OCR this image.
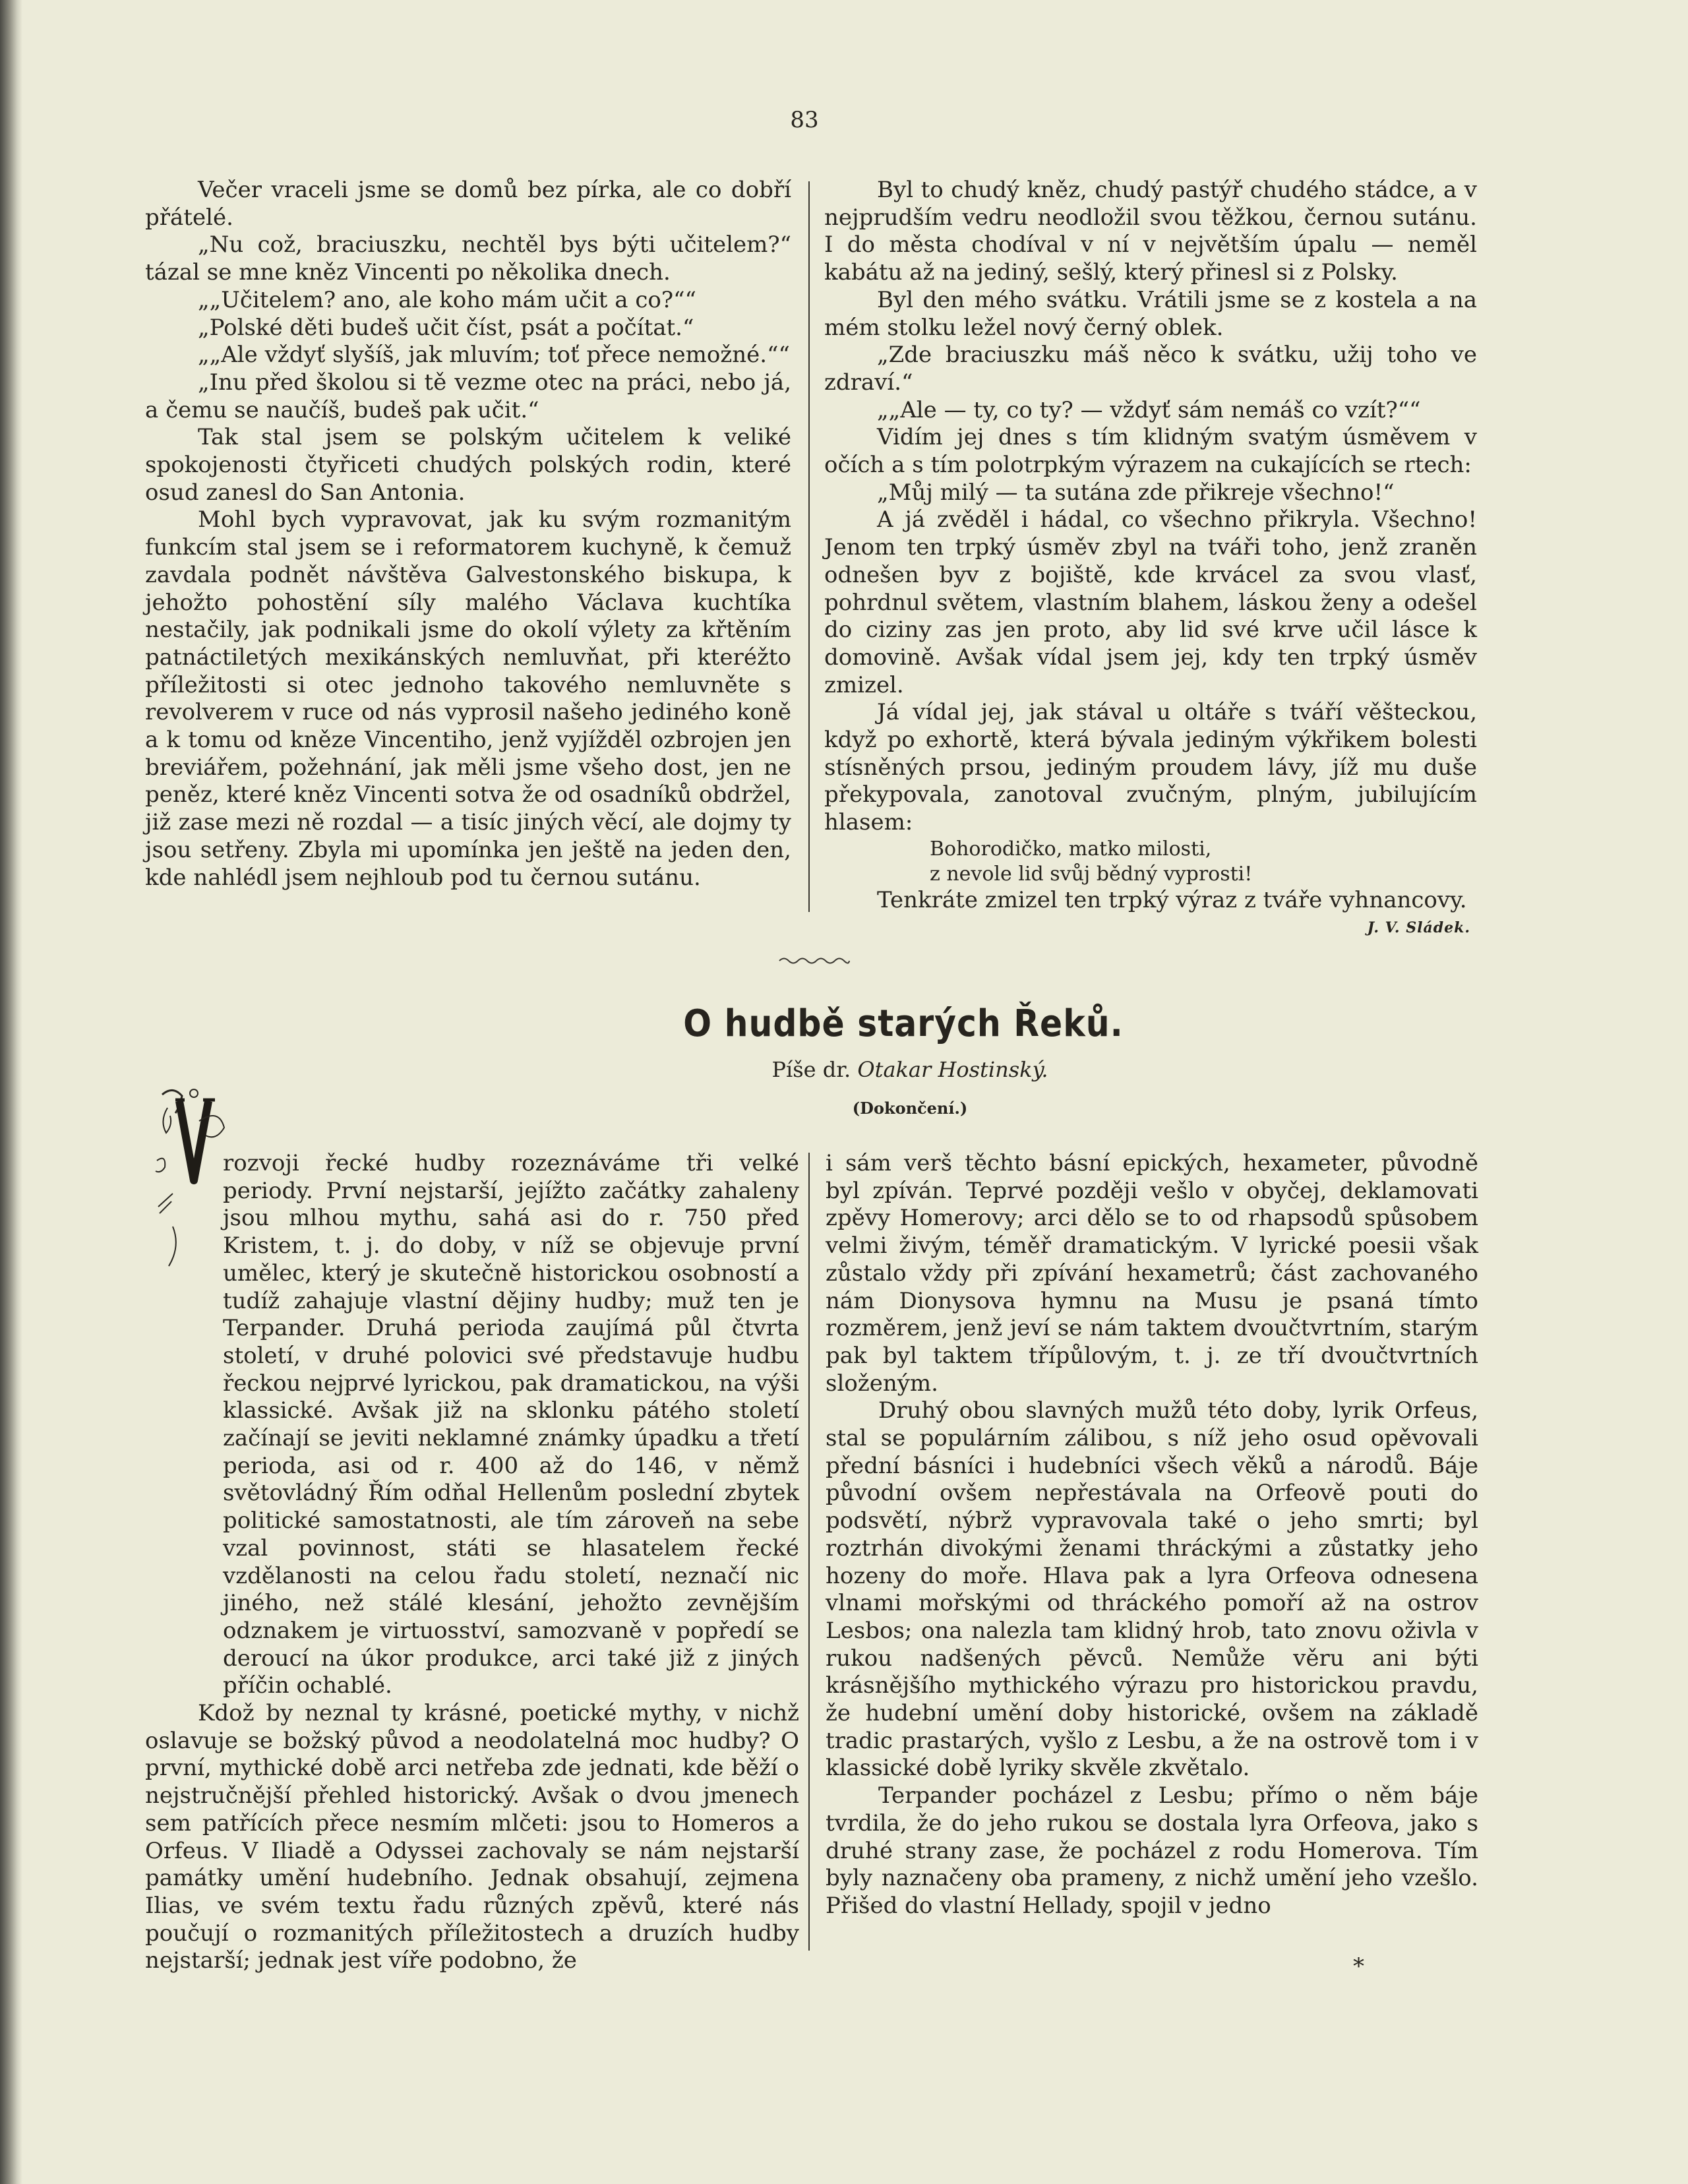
83

Večer vraceli jsme se domů bez pírka, ale co dobří přátelé.

„Nu což, braciuszku, nechtěl bys býti učitelem?“ tázal se mne kněz Vincenti po několika dnech.

„„Učitelem? ano, ale koho mám učit a co?““

„Polské děti budeš učit číst, psát a počítat.“

„„Ale vždyť slyšíš, jak mluvím; toť přece nemožné.““

„Inu před školou si tě vezme otec na práci, nebo já, a čemu se naučíš, budeš pak učit.“

Tak stal jsem se polským učitelem k veliké spokojenosti čtyřiceti chudých polských rodin, které osud zanesl do San Antonia.

Mohl bych vypravovat, jak ku svým rozmanitým funkcím stal jsem se i reformatorem kuchyně, k čemuž zavdala podnět návštěva Galvestonského biskupa, k jehožto pohostění síly malého Václava kuchtíka nestačily, jak podnikali jsme do okolí výlety za křtěním patnáctiletých mexikánských nemluvňat, při kteréžto příležitosti si otec jednoho takového nemluvněte s revolverem v ruce od nás vyprosil našeho jediného koně a k tomu od kněze Vincentiho, jenž vyjížděl ozbrojen jen breviářem, požehnání, jak měli jsme všeho dost, jen ne peněz, které kněz Vincenti sotva že od osadníků obdržel, již zase mezi ně rozdal — a tisíc jiných věcí, ale dojmy ty jsou setřeny. Zbyla mi upomínka jen ještě na jeden den, kde nahlédl jsem nejhloub pod tu černou sutánu.

Byl to chudý kněz, chudý pastýř chudého stádce, a v nejprudším vedru neodložil svou těžkou, černou sutánu. I do města chodíval v ní v největším úpalu — neměl kabátu až na jediný, sešlý, který přinesl si z Polsky.

Byl den mého svátku. Vrátili jsme se z kostela a na mém stolku ležel nový černý oblek.

„Zde braciuszku máš něco k svátku, užij toho ve zdraví.“

„„Ale — ty, co ty? — vždyť sám nemáš co vzít?““

Vidím jej dnes s tím klidným svatým úsměvem v očích a s tím polotrpkým výrazem na cukajících se rtech:

„Můj milý — ta sutána zde přikreje všechno!“

A já zvěděl i hádal, co všechno přikryla. Všechno! Jenom ten trpký úsměv zbyl na tváři toho, jenž zraněn odnešen byv z bojiště, kde krvácel za svou vlasť, pohrdnul světem, vlastním blahem, láskou ženy a odešel do ciziny zas jen proto, aby lid své krve učil lásce k domovině. Avšak vídal jsem jej, kdy ten trpký úsměv zmizel.

Já vídal jej, jak stával u oltáře s tváří věšteckou, když po exhortě, která bývala jediným výkřikem bolesti stísněných prsou, jediným proudem lávy, jíž mu duše překypovala, zanotoval zvučným, plným, jubilujícím hlasem:

Bohorodičko, matko milosti,
z nevole lid svůj bědný vyprosti!

Tenkráte zmizel ten trpký výraz z tváře vyhnancovy.

J. V. Sládek.
O hudbě starých Řeků.
Píše dr. Otakar Hostinský.
(Dokončení.)

rozvoji řecké hudby rozeznáváme tři velké periody. První nejstarší, jejížto začátky zahaleny jsou mlhou mythu, sahá asi do r. 750 před Kristem, t. j. do doby, v níž se objevuje první umělec, který je skutečně historickou osobností a tudíž zahajuje vlastní dějiny hudby; muž ten je Terpander. Druhá perioda zaujímá půl čtvrta století, v druhé polovici své představuje hudbu řeckou nejprvé lyrickou, pak dramatickou, na výši klassické. Avšak již na sklonku pátého století začínají se jeviti neklamné známky úpadku a třetí perioda, asi od r. 400 až do 146, v němž světovládný Řím odňal Hellenům poslední zbytek politické samostatnosti, ale tím zároveň na sebe vzal povinnost, státi se hlasatelem řecké vzdělanosti na celou řadu století, neznačí nic jiného, než stálé klesání, jehožto zevnějším odznakem je virtuosství, samozvaně v popředí se deroucí na úkor produkce, arci také již z jiných příčin ochablé.

Kdož by neznal ty krásné, poetické mythy, v nichž oslavuje se božský původ a neodolatelná moc hudby? O první, mythické době arci netřeba zde jednati, kde běží o nejstručnější přehled historický. Avšak o dvou jmenech sem patřících přece nesmím mlčeti: jsou to Homeros a Orfeus. V Iliadě a Odyssei zachovaly se nám nejstarší památky umění hudebního. Jednak obsahují, zejmena Ilias, ve svém textu řadu různých zpěvů, které nás poučují o rozmanitých příležitostech a druzích hudby nejstarší; jednak jest víře podobno, že

i sám verš těchto básní epických, hexameter, původně byl zpíván. Teprvé později vešlo v obyčej, deklamovati zpěvy Homerovy; arci dělo se to od rhapsodů spůsobem velmi živým, téměř dramatickým. V lyrické poesii však zůstalo vždy při zpívání hexametrů; část zachovaného nám Dionysova hymnu na Musu je psaná tímto rozměrem, jenž jeví se nám taktem dvoučtvrtním, starým pak byl taktem třípůlovým, t. j. ze tří dvoučtvrtních složeným.

Druhý obou slavných mužů této doby, lyrik Orfeus, stal se populárním zálibou, s níž jeho osud opěvovali přední básníci i hudebníci všech věků a národů. Báje původní ovšem nepřestávala na Orfeově pouti do podsvětí, nýbrž vypravovala také o jeho smrti; byl roztrhán divokými ženami thráckými a zůstatky jeho hozeny do moře. Hlava pak a lyra Orfeova odnesena vlnami mořskými od thráckého pomoří až na ostrov Lesbos; ona nalezla tam klidný hrob, tato znovu oživla v rukou nadšených pěvců. Nemůže věru ani býti krásnějšího mythického výrazu pro historickou pravdu, že hudební umění doby historické, ovšem na základě tradic prastarých, vyšlo z Lesbu, a že na ostrově tom i v klassické době lyriky skvěle zkvětalo.

Terpander pocházel z Lesbu; přímo o něm báje tvrdila, že do jeho rukou se dostala lyra Orfeova, jako s druhé strany zase, že pocházel z rodu Homerova. Tím byly naznačeny oba prameny, z nichž umění jeho vzešlo. Přišed do vlastní Hellady, spojil v jedno

*
